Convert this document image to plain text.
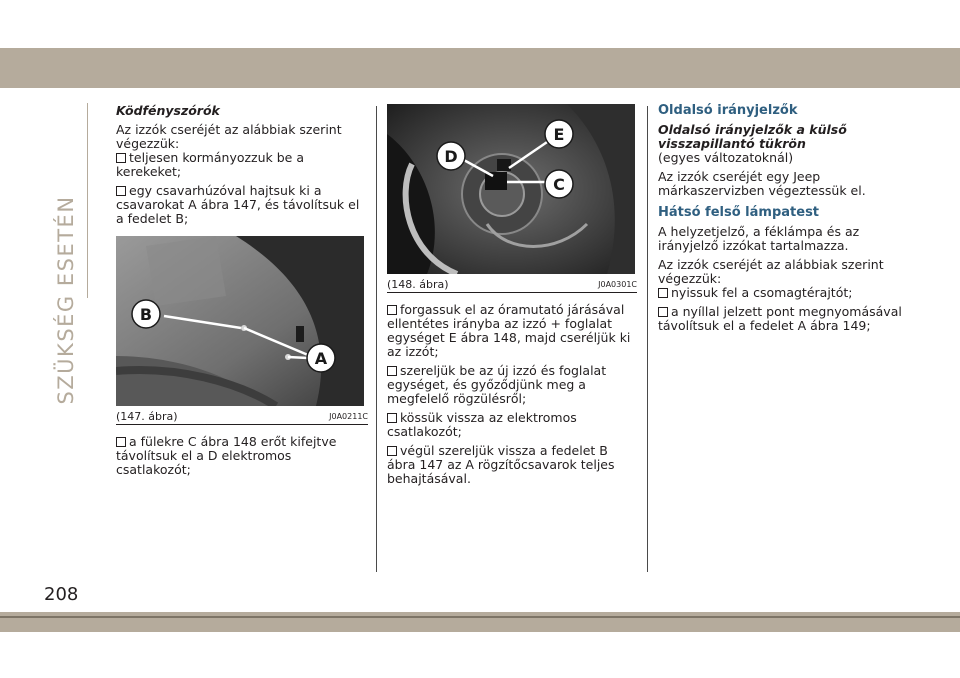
SZÜKSÉG ESETÉN

Ködfényszórók

Az izzók cseréjét az alábbiak szerint végezzük:

teljesen kormányozzuk be a kerekeket;

egy csavarhúzóval hajtsuk ki a csavarokat A ábra 147, és távolítsuk el a fedelet B;

B
A
(147. ábra)	J0A0211C

a fülekre C ábra 148 erőt kifejtve távolítsuk el a D elektromos csatlakozót;

D
E
C
(148. ábra)	J0A0301C

forgassuk el az óramutató járásával ellentétes irányba az izzó + foglalat egységet E ábra 148, majd cseréljük ki az izzót;

szereljük be az új izzó és foglalat egységet, és győződjünk meg a megfelelő rögzülésről;

kössük vissza az elektromos csatlakozót;

végül szereljük vissza a fedelet B ábra 147 az A rögzítőcsavarok teljes behajtásával.

Oldalsó irányjelzők

Oldalsó irányjelzők a külső visszapillantó tükrön

(egyes változatoknál)

Az izzók cseréjét egy Jeep márkaszervizben végeztessük el.

Hátsó felső lámpatest

A helyzetjelző, a féklámpa és az irányjelző izzókat tartalmazza.

Az izzók cseréjét az alábbiak szerint végezzük:

nyissuk fel a csomagtérajtót;

a nyíllal jelzett pont megnyomásával távolítsuk el a fedelet A ábra 149;

208
